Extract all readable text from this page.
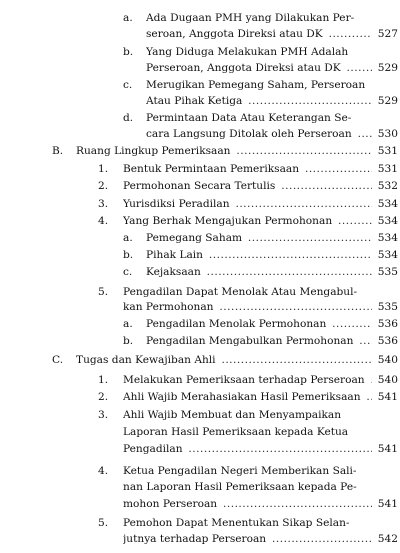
a. Ada Dugaan PMH yang Dilakukan Per-
seroan, Anggota Direksi atau DK .....	527
b. Yang Diduga Melakukan PMH Adalah
Perseroan, Anggota Direksi atau DK .....	529
c. Merugikan Pemegang Saham, Perseroan
Atau Pihak Ketiga .....	529
d. Permintaan Data Atau Keterangan Se-
cara Langsung Ditolak oleh Perseroan .....	530
B. Ruang Lingkup Pemeriksaan .....	531
1. Bentuk Permintaan Pemeriksaan .....	531
2. Permohonan Secara Tertulis .....	532
3. Yurisdiksi Peradilan .....	534
4. Yang Berhak Mengajukan Permohonan .....	534
a. Pemegang Saham .....	534
b. Pihak Lain .....	534
c. Kejaksaan .....	535
5. Pengadilan Dapat Menolak Atau Mengabul-
kan Permohonan .....	535
a. Pengadilan Menolak Permohonan .....	536
b. Pengadilan Mengabulkan Permohonan .....	536
C. Tugas dan Kewajiban Ahli .....	540
1. Melakukan Pemeriksaan terhadap Perseroan .....	540
2. Ahli Wajib Merahasiakan Hasil Pemeriksaan .....	541
3. Ahli Wajib Membuat dan Menyampaikan
Laporan Hasil Pemeriksaan kepada Ketua
Pengadilan .....	541
4. Ketua Pengadilan Negeri Memberikan Sali-
nan Laporan Hasil Pemeriksaan kepada Pe-
mohon Perseroan .....	541
5. Pemohon Dapat Menentukan Sikap Selan-
jutnya terhadap Perseroan .....	542
